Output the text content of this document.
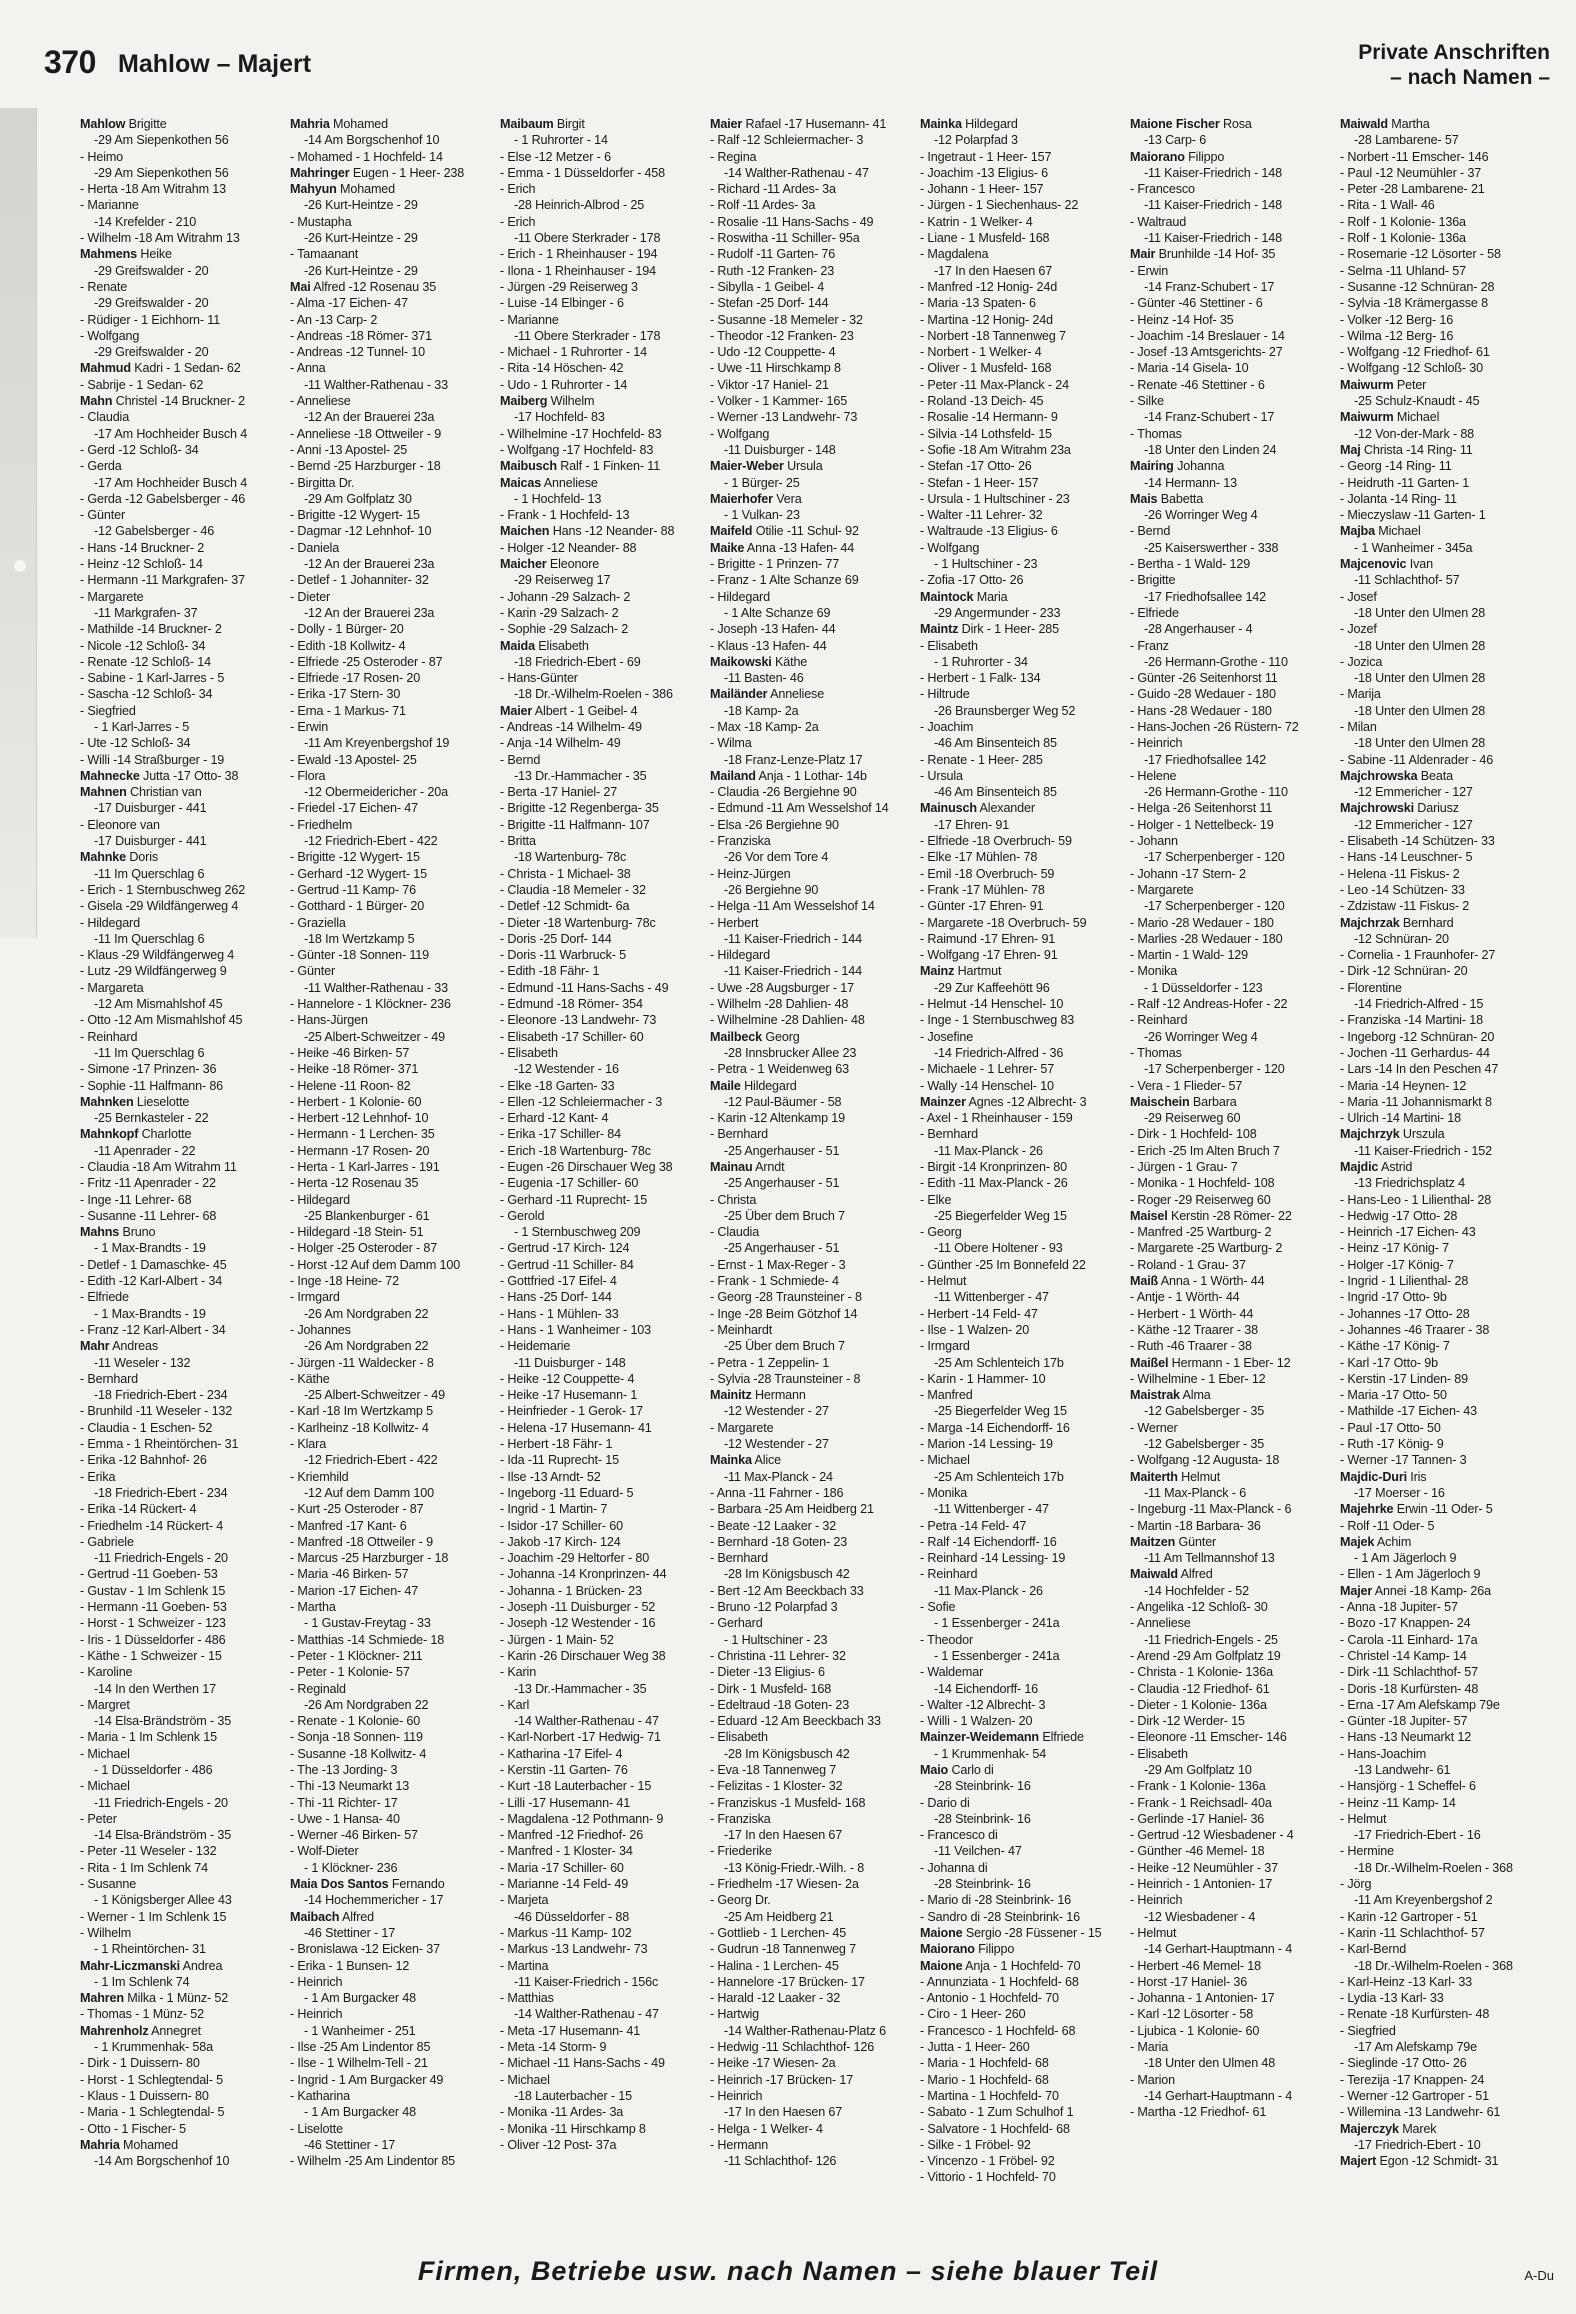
370 Mahlow – Majert	Private Anschriften
– nach Namen –
Mahlow Brigitte
-29 Am Siepenkothen 56
- Heimo
-29 Am Siepenkothen 56
- Herta -18 Am Witrahm 13
- Marianne
-14 Krefelder - 210
- Wilhelm -18 Am Witrahm 13
Mahmens Heike
-29 Greifswalder - 20
- Renate
-29 Greifswalder - 20
- Rüdiger - 1 Eichhorn- 11
- Wolfgang
-29 Greifswalder - 20
Mahmud Kadri - 1 Sedan- 62
- Sabrije - 1 Sedan- 62
Mahn Christel -14 Bruckner- 2
- Claudia
-17 Am Hochheider Busch 4
- Gerd -12 Schloß- 34
- Gerda
-17 Am Hochheider Busch 4
- Gerda -12 Gabelsberger - 46
- Günter
-12 Gabelsberger - 46
- Hans -14 Bruckner- 2
- Heinz -12 Schloß- 14
- Hermann -11 Markgrafen- 37
- Margarete
-11 Markgrafen- 37
- Mathilde -14 Bruckner- 2
- Nicole -12 Schloß- 34
- Renate -12 Schloß- 14
- Sabine - 1 Karl-Jarres - 5
- Sascha -12 Schloß- 34
- Siegfried
- 1 Karl-Jarres - 5
- Ute -12 Schloß- 34
- Willi -14 Straßburger - 19
Mahnecke Jutta -17 Otto- 38
Mahnen Christian van
-17 Duisburger - 441
- Eleonore van
-17 Duisburger - 441
Mahnke Doris
-11 Im Querschlag 6
- Erich - 1 Sternbuschweg 262
- Gisela -29 Wildfängerweg 4
- Hildegard
-11 Im Querschlag 6
- Klaus -29 Wildfängerweg 4
- Lutz -29 Wildfängerweg 9
- Margareta
-12 Am Mismahlshof 45
- Otto -12 Am Mismahlshof 45
- Reinhard
-11 Im Querschlag 6
- Simone -17 Prinzen- 36
- Sophie -11 Halfmann- 86
Mahnken Lieselotte
-25 Bernkasteler - 22
Mahnkopf Charlotte
-11 Apenrader - 22
- Claudia -18 Am Witrahm 11
- Fritz -11 Apenrader - 22
- Inge -11 Lehrer- 68
- Susanne -11 Lehrer- 68
Mahns Bruno
- 1 Max-Brandts - 19
- Detlef - 1 Damaschke- 45
- Edith -12 Karl-Albert - 34
- Elfriede
- 1 Max-Brandts - 19
- Franz -12 Karl-Albert - 34
Mahr Andreas
-11 Weseler - 132
- Bernhard
-18 Friedrich-Ebert - 234
- Brunhild -11 Weseler - 132
- Claudia - 1 Eschen- 52
- Emma - 1 Rheintörchen- 31
- Erika -12 Bahnhof- 26
- Erika
-18 Friedrich-Ebert - 234
- Erika -14 Rückert- 4
- Friedhelm -14 Rückert- 4
- Gabriele
-11 Friedrich-Engels - 20
- Gertrud -11 Goeben- 53
- Gustav - 1 Im Schlenk 15
- Hermann -11 Goeben- 53
- Horst - 1 Schweizer - 123
- Iris - 1 Düsseldorfer - 486
- Käthe - 1 Schweizer - 15
- Karoline
-14 In den Werthen 17
- Margret
-14 Elsa-Brändström - 35
- Maria - 1 Im Schlenk 15
- Michael
- 1 Düsseldorfer - 486
- Michael
-11 Friedrich-Engels - 20
- Peter
-14 Elsa-Brändström - 35
- Peter -11 Weseler - 132
- Rita - 1 Im Schlenk 74
- Susanne
- 1 Königsberger Allee 43
- Werner - 1 Im Schlenk 15
- Wilhelm
- 1 Rheintörchen- 31
Mahr-Liczmanski Andrea
- 1 Im Schlenk 74
Mahren Milka - 1 Münz- 52
- Thomas - 1 Münz- 52
Mahrenholz Annegret
- 1 Krummenhak- 58a
- Dirk - 1 Duissern- 80
- Horst - 1 Schlegtendal- 5
- Klaus - 1 Duissern- 80
- Maria - 1 Schlegtendal- 5
- Otto - 1 Fischer- 5
Mahria Mohamed
-14 Am Borgschenhof 10
Mahria Mohamed
-14 Am Borgschenhof 10
- Mohamed - 1 Hochfeld- 14
Mahringer Eugen - 1 Heer- 238
Mahyun Mohamed
-26 Kurt-Heintze - 29
- Mustapha
-26 Kurt-Heintze - 29
- Tamaanant
-26 Kurt-Heintze - 29
Mai Alfred -12 Rosenau 35
- Alma -17 Eichen- 47
- An -13 Carp- 2
- Andreas -18 Römer- 371
- Andreas -12 Tunnel- 10
- Anna
-11 Walther-Rathenau - 33
- Anneliese
-12 An der Brauerei 23a
- Anneliese -18 Ottweiler - 9
- Anni -13 Apostel- 25
- Bernd -25 Harzburger - 18
- Birgitta Dr.
-29 Am Golfplatz 30
- Brigitte -12 Wygert- 15
- Dagmar -12 Lehnhof- 10
- Daniela
-12 An der Brauerei 23a
- Detlef - 1 Johanniter- 32
- Dieter
-12 An der Brauerei 23a
- Dolly - 1 Bürger- 20
- Edith -18 Kollwitz- 4
- Elfriede -25 Osteroder - 87
- Elfriede -17 Rosen- 20
- Erika -17 Stern- 30
- Erna - 1 Markus- 71
- Erwin
-11 Am Kreyenbergshof 19
- Ewald -13 Apostel- 25
- Flora
-12 Obermeidericher - 20a
- Friedel -17 Eichen- 47
- Friedhelm
-12 Friedrich-Ebert - 422
- Brigitte -12 Wygert- 15
- Gerhard -12 Wygert- 15
- Gertrud -11 Kamp- 76
- Gotthard - 1 Bürger- 20
- Graziella
-18 Im Wertzkamp 5
- Günter -18 Sonnen- 119
- Günter
-11 Walther-Rathenau - 33
- Hannelore - 1 Klöckner- 236
- Hans-Jürgen
-25 Albert-Schweitzer - 49
- Heike -46 Birken- 57
- Heike -18 Römer- 371
- Helene -11 Roon- 82
- Herbert - 1 Kolonie- 60
- Herbert -12 Lehnhof- 10
- Hermann - 1 Lerchen- 35
- Hermann -17 Rosen- 20
- Herta - 1 Karl-Jarres - 191
- Herta -12 Rosenau 35
- Hildegard
-25 Blankenburger - 61
- Hildegard -18 Stein- 51
- Holger -25 Osteroder - 87
- Horst -12 Auf dem Damm 100
- Inge -18 Heine- 72
- Irmgard
-26 Am Nordgraben 22
- Johannes
-26 Am Nordgraben 22
- Jürgen -11 Waldecker - 8
- Käthe
-25 Albert-Schweitzer - 49
- Karl -18 Im Wertzkamp 5
- Karlheinz -18 Kollwitz- 4
- Klara
-12 Friedrich-Ebert - 422
- Kriemhild
-12 Auf dem Damm 100
- Kurt -25 Osteroder - 87
- Manfred -17 Kant- 6
- Manfred -18 Ottweiler - 9
- Marcus -25 Harzburger - 18
- Maria -46 Birken- 57
- Marion -17 Eichen- 47
- Martha
- 1 Gustav-Freytag - 33
- Matthias -14 Schmiede- 18
- Peter - 1 Klöckner- 211
- Peter - 1 Kolonie- 57
- Reginald
-26 Am Nordgraben 22
- Renate - 1 Kolonie- 60
- Sonja -18 Sonnen- 119
- Susanne -18 Kollwitz- 4
- The -13 Jording- 3
- Thi -13 Neumarkt 13
- Thi -11 Richter- 17
- Uwe - 1 Hansa- 40
- Werner -46 Birken- 57
- Wolf-Dieter
- 1 Klöckner- 236
Maia Dos Santos Fernando
-14 Hochemmericher - 17
Maibach Alfred
-46 Stettiner - 17
- Bronislawa -12 Eicken- 37
- Erika - 1 Bunsen- 12
- Heinrich
- 1 Am Burgacker 48
- Heinrich
- 1 Wanheimer - 251
- Ilse -25 Am Lindentor 85
- Ilse - 1 Wilhelm-Tell - 21
- Ingrid - 1 Am Burgacker 49
- Katharina
- 1 Am Burgacker 48
- Liselotte
-46 Stettiner - 17
- Wilhelm -25 Am Lindentor 85
Maibaum Birgit
- 1 Ruhrorter - 14
- Else -12 Metzer - 6
- Emma - 1 Düsseldorfer - 458
- Erich
-28 Heinrich-Albrod - 25
- Erich
-11 Obere Sterkrader - 178
- Erich - 1 Rheinhauser - 194
- Ilona - 1 Rheinhauser - 194
- Jürgen -29 Reiserweg 3
- Luise -14 Elbinger - 6
- Marianne
-11 Obere Sterkrader - 178
- Michael - 1 Ruhrorter - 14
- Rita -14 Höschen- 42
- Udo - 1 Ruhrorter - 14
Maiberg Wilhelm
-17 Hochfeld- 83
- Wilhelmine -17 Hochfeld- 83
- Wolfgang -17 Hochfeld- 83
Maibusch Ralf - 1 Finken- 11
Maicas Anneliese
- 1 Hochfeld- 13
- Frank - 1 Hochfeld- 13
Maichen Hans -12 Neander- 88
- Holger -12 Neander- 88
Maicher Eleonore
-29 Reiserweg 17
- Johann -29 Salzach- 2
- Karin -29 Salzach- 2
- Sophie -29 Salzach- 2
Maida Elisabeth
-18 Friedrich-Ebert - 69
- Hans-Günter
-18 Dr.-Wilhelm-Roelen - 386
Maier Albert - 1 Geibel- 4
- Andreas -14 Wilhelm- 49
- Anja -14 Wilhelm- 49
- Bernd
-13 Dr.-Hammacher - 35
- Berta -17 Haniel- 27
- Brigitte -12 Regenberga- 35
- Brigitte -11 Halfmann- 107
- Britta
-18 Wartenburg- 78c
- Christa - 1 Michael- 38
- Claudia -18 Memeler - 32
- Detlef -12 Schmidt- 6a
- Dieter -18 Wartenburg- 78c
- Doris -25 Dorf- 144
- Doris -11 Warbruck- 5
- Edith -18 Fähr- 1
- Edmund -11 Hans-Sachs - 49
- Edmund -18 Römer- 354
- Eleonore -13 Landwehr- 73
- Elisabeth -17 Schiller- 60
- Elisabeth
-12 Westender - 16
- Elke -18 Garten- 33
- Ellen -12 Schleiermacher - 3
- Erhard -12 Kant- 4
- Erika -17 Schiller- 84
- Erich -18 Wartenburg- 78c
- Eugen -26 Dirschauer Weg 38
- Eugenia -17 Schiller- 60
- Gerhard -11 Ruprecht- 15
- Gerold
- 1 Sternbuschweg 209
- Gertrud -17 Kirch- 124
- Gertrud -11 Schiller- 84
- Gottfried -17 Eifel- 4
- Hans -25 Dorf- 144
- Hans - 1 Mühlen- 33
- Hans - 1 Wanheimer - 103
- Heidemarie
-11 Duisburger - 148
- Heike -12 Couppette- 4
- Heike -17 Husemann- 1
- Heinfrieder - 1 Gerok- 17
- Helena -17 Husemann- 41
- Herbert -18 Fähr- 1
- Ida -11 Ruprecht- 15
- Ilse -13 Arndt- 52
- Ingeborg -11 Eduard- 5
- Ingrid - 1 Martin- 7
- Isidor -17 Schiller- 60
- Jakob -17 Kirch- 124
- Joachim -29 Heltorfer - 80
- Johanna -14 Kronprinzen- 44
- Johanna - 1 Brücken- 23
- Joseph -11 Duisburger - 52
- Joseph -12 Westender - 16
- Jürgen - 1 Main- 52
- Karin -26 Dirschauer Weg 38
- Karin
-13 Dr.-Hammacher - 35
- Karl
-14 Walther-Rathenau - 47
- Karl-Norbert -17 Hedwig- 71
- Katharina -17 Eifel- 4
- Kerstin -11 Garten- 76
- Kurt -18 Lauterbacher - 15
- Lilli -17 Husemann- 41
- Magdalena -12 Pothmann- 9
- Manfred -12 Friedhof- 26
- Manfred - 1 Kloster- 34
- Maria -17 Schiller- 60
- Marianne -14 Feld- 49
- Marjeta
-46 Düsseldorfer - 88
- Markus -11 Kamp- 102
- Markus -13 Landwehr- 73
- Martina
-11 Kaiser-Friedrich - 156c
- Matthias
-14 Walther-Rathenau - 47
- Meta -17 Husemann- 41
- Meta -14 Storm- 9
- Michael -11 Hans-Sachs - 49
- Michael
-18 Lauterbacher - 15
- Monika -11 Ardes- 3a
- Monika -11 Hirschkamp 8
- Oliver -12 Post- 37a
Maier Rafael -17 Husemann- 41
- Ralf -12 Schleiermacher- 3
- Regina
-14 Walther-Rathenau - 47
- Richard -11 Ardes- 3a
- Rolf -11 Ardes- 3a
- Rosalie -11 Hans-Sachs - 49
- Roswitha -11 Schiller- 95a
- Rudolf -11 Garten- 76
- Ruth -12 Franken- 23
- Sibylla - 1 Geibel- 4
- Stefan -25 Dorf- 144
- Susanne -18 Memeler - 32
- Theodor -12 Franken- 23
- Udo -12 Couppette- 4
- Uwe -11 Hirschkamp 8
- Viktor -17 Haniel- 21
- Volker - 1 Kammer- 165
- Werner -13 Landwehr- 73
- Wolfgang
-11 Duisburger - 148
Maier-Weber Ursula
- 1 Bürger- 25
Maierhofer Vera
- 1 Vulkan- 23
Maifeld Otilie -11 Schul- 92
Maike Anna -13 Hafen- 44
- Brigitte - 1 Prinzen- 77
- Franz - 1 Alte Schanze 69
- Hildegard
- 1 Alte Schanze 69
- Joseph -13 Hafen- 44
- Klaus -13 Hafen- 44
Maikowski Käthe
-11 Basten- 46
Mailänder Anneliese
-18 Kamp- 2a
- Max -18 Kamp- 2a
- Wilma
-18 Franz-Lenze-Platz 17
Mailand Anja - 1 Lothar- 14b
- Claudia -26 Bergiehne 90
- Edmund -11 Am Wesselshof 14
- Elsa -26 Bergiehne 90
- Franziska
-26 Vor dem Tore 4
- Heinz-Jürgen
-26 Bergiehne 90
- Helga -11 Am Wesselshof 14
- Herbert
-11 Kaiser-Friedrich - 144
- Hildegard
-11 Kaiser-Friedrich - 144
- Uwe -28 Augsburger - 17
- Wilhelm -28 Dahlien- 48
- Wilhelmine -28 Dahlien- 48
Mailbeck Georg
-28 Innsbrucker Allee 23
- Petra - 1 Weidenweg 63
Maile Hildegard
-12 Paul-Bäumer - 58
- Karin -12 Altenkamp 19
- Bernhard
-25 Angerhauser - 51
Mainau Arndt
-25 Angerhauser - 51
- Christa
-25 Über dem Bruch 7
- Claudia
-25 Angerhauser - 51
- Ernst - 1 Max-Reger - 3
- Frank - 1 Schmiede- 4
- Georg -28 Traunsteiner - 8
- Inge -28 Beim Götzhof 14
- Meinhardt
-25 Über dem Bruch 7
- Petra - 1 Zeppelin- 1
- Sylvia -28 Traunsteiner - 8
Mainitz Hermann
-12 Westender - 27
- Margarete
-12 Westender - 27
Mainka Alice
-11 Max-Planck - 24
- Anna -11 Fahrner - 186
- Barbara -25 Am Heidberg 21
- Beate -12 Laaker - 32
- Bernhard -18 Goten- 23
- Bernhard
-28 Im Königsbusch 42
- Bert -12 Am Beeckbach 33
- Bruno -12 Polarpfad 3
- Gerhard
- 1 Hultschiner - 23
- Christina -11 Lehrer- 32
- Dieter -13 Eligius- 6
- Dirk - 1 Musfeld- 168
- Edeltraud -18 Goten- 23
- Eduard -12 Am Beeckbach 33
- Elisabeth
-28 Im Königsbusch 42
- Eva -18 Tannenweg 7
- Felizitas - 1 Kloster- 32
- Franziskus -1 Musfeld- 168
- Franziska
-17 In den Haesen 67
- Friederike
-13 König-Friedr.-Wilh. - 8
- Friedhelm -17 Wiesen- 2a
- Georg Dr.
-25 Am Heidberg 21
- Gottlieb - 1 Lerchen- 45
- Gudrun -18 Tannenweg 7
- Halina - 1 Lerchen- 45
- Hannelore -17 Brücken- 17
- Harald -12 Laaker - 32
- Hartwig
-14 Walther-Rathenau-Platz 6
- Hedwig -11 Schlachthof- 126
- Heike -17 Wiesen- 2a
- Heinrich -17 Brücken- 17
- Heinrich
-17 In den Haesen 67
- Helga - 1 Welker- 4
- Hermann
-11 Schlachthof- 126
Mainka Hildegard
-12 Polarpfad 3
- Ingetraut - 1 Heer- 157
- Joachim -13 Eligius- 6
- Johann - 1 Heer- 157
- Jürgen - 1 Siechenhaus- 22
- Katrin - 1 Welker- 4
- Liane - 1 Musfeld- 168
- Magdalena
-17 In den Haesen 67
- Manfred -12 Honig- 24d
- Maria -13 Spaten- 6
- Martina -12 Honig- 24d
- Norbert -18 Tannenweg 7
- Norbert - 1 Welker- 4
- Oliver - 1 Musfeld- 168
- Peter -11 Max-Planck - 24
- Roland -13 Deich- 45
- Rosalie -14 Hermann- 9
- Silvia -14 Lothsfeld- 15
- Sofie -18 Am Witrahm 23a
- Stefan -17 Otto- 26
- Stefan - 1 Heer- 157
- Ursula - 1 Hultschiner - 23
- Walter -11 Lehrer- 32
- Waltraude -13 Eligius- 6
- Wolfgang
- 1 Hultschiner - 23
- Zofia -17 Otto- 26
Maintock Maria
-29 Angermunder - 233
Maintz Dirk - 1 Heer- 285
- Elisabeth
- 1 Ruhrorter - 34
- Herbert - 1 Falk- 134
- Hiltrude
-26 Braunsberger Weg 52
- Joachim
-46 Am Binsenteich 85
- Renate - 1 Heer- 285
- Ursula
-46 Am Binsenteich 85
Mainusch Alexander
-17 Ehren- 91
- Elfriede -18 Overbruch- 59
- Elke -17 Mühlen- 78
- Emil -18 Overbruch- 59
- Frank -17 Mühlen- 78
- Günter -17 Ehren- 91
- Margarete -18 Overbruch- 59
- Raimund -17 Ehren- 91
- Wolfgang -17 Ehren- 91
Mainz Hartmut
-29 Zur Kaffeehött 96
- Helmut -14 Henschel- 10
- Inge - 1 Sternbuschweg 83
- Josefine
-14 Friedrich-Alfred - 36
- Michaele - 1 Lehrer- 57
- Wally -14 Henschel- 10
Mainzer Agnes -12 Albrecht- 3
- Axel - 1 Rheinhauser - 159
- Bernhard
-11 Max-Planck - 26
- Birgit -14 Kronprinzen- 80
- Edith -11 Max-Planck - 26
- Elke
-25 Biegerfelder Weg 15
- Georg
-11 Obere Holtener - 93
- Günther -25 Im Bonnefeld 22
- Helmut
-11 Wittenberger - 47
- Herbert -14 Feld- 47
- Ilse - 1 Walzen- 20
- Irmgard
-25 Am Schlenteich 17b
- Karin - 1 Hammer- 10
- Manfred
-25 Biegerfelder Weg 15
- Marga -14 Eichendorff- 16
- Marion -14 Lessing- 19
- Michael
-25 Am Schlenteich 17b
- Monika
-11 Wittenberger - 47
- Petra -14 Feld- 47
- Ralf -14 Eichendorff- 16
- Reinhard -14 Lessing- 19
- Reinhard
-11 Max-Planck - 26
- Sofie
- 1 Essenberger - 241a
- Theodor
- 1 Essenberger - 241a
- Waldemar
-14 Eichendorff- 16
- Walter -12 Albrecht- 3
- Willi - 1 Walzen- 20
Mainzer-Weidemann Elfriede
- 1 Krummenhak- 54
Maio Carlo di
-28 Steinbrink- 16
- Dario di
-28 Steinbrink- 16
- Francesco di
-11 Veilchen- 47
- Johanna di
-28 Steinbrink- 16
- Mario di -28 Steinbrink- 16
- Sandro di -28 Steinbrink- 16
Maione Sergio -28 Füssener - 15
Maiorano Filippo
Maione Anja - 1 Hochfeld- 70
- Annunziata - 1 Hochfeld- 68
- Antonio - 1 Hochfeld- 70
- Ciro - 1 Heer- 260
- Francesco - 1 Hochfeld- 68
- Jutta - 1 Heer- 260
- Maria - 1 Hochfeld- 68
- Mario - 1 Hochfeld- 68
- Martina - 1 Hochfeld- 70
- Sabato - 1 Zum Schulhof 1
- Salvatore - 1 Hochfeld- 68
- Silke - 1 Fröbel- 92
- Vincenzo - 1 Fröbel- 92
- Vittorio - 1 Hochfeld- 70
Maione Fischer Rosa
-13 Carp- 6
Maiorano Filippo
-11 Kaiser-Friedrich - 148
- Francesco
-11 Kaiser-Friedrich - 148
- Waltraud
-11 Kaiser-Friedrich - 148
Mair Brunhilde -14 Hof- 35
- Erwin
-14 Franz-Schubert - 17
- Günter -46 Stettiner - 6
- Heinz -14 Hof- 35
- Joachim -14 Breslauer - 14
- Josef -13 Amtsgerichts- 27
- Maria -14 Gisela- 10
- Renate -46 Stettiner - 6
- Silke
-14 Franz-Schubert - 17
- Thomas
-18 Unter den Linden 24
Mairing Johanna
-14 Hermann- 13
Mais Babetta
-26 Worringer Weg 4
- Bernd
-25 Kaiserswerther - 338
- Bertha - 1 Wald- 129
- Brigitte
-17 Friedhofsallee 142
- Elfriede
-28 Angerhauser - 4
- Franz
-26 Hermann-Grothe - 110
- Günter -26 Seitenhorst 11
- Guido -28 Wedauer - 180
- Hans -28 Wedauer - 180
- Hans-Jochen -26 Rüstern- 72
- Heinrich
-17 Friedhofsallee 142
- Helene
-26 Hermann-Grothe - 110
- Helga -26 Seitenhorst 11
- Holger - 1 Nettelbeck- 19
- Johann
-17 Scherpenberger - 120
- Johann -17 Stern- 2
- Margarete
-17 Scherpenberger - 120
- Mario -28 Wedauer - 180
- Marlies -28 Wedauer - 180
- Martin - 1 Wald- 129
- Monika
- 1 Düsseldorfer - 123
- Ralf -12 Andreas-Hofer - 22
- Reinhard
-26 Worringer Weg 4
- Thomas
-17 Scherpenberger - 120
- Vera - 1 Flieder- 57
Maischein Barbara
-29 Reiserweg 60
- Dirk - 1 Hochfeld- 108
- Erich -25 Im Alten Bruch 7
- Jürgen - 1 Grau- 7
- Monika - 1 Hochfeld- 108
- Roger -29 Reiserweg 60
Maisel Kerstin -28 Römer- 22
- Manfred -25 Wartburg- 2
- Margarete -25 Wartburg- 2
- Roland - 1 Grau- 37
Maiß Anna - 1 Wörth- 44
- Antje - 1 Wörth- 44
- Herbert - 1 Wörth- 44
- Käthe -12 Traarer - 38
- Ruth -46 Traarer - 38
Maißel Hermann - 1 Eber- 12
- Wilhelmine - 1 Eber- 12
Maistrak Alma
-12 Gabelsberger - 35
- Werner
-12 Gabelsberger - 35
- Wolfgang -12 Augusta- 18
Maiterth Helmut
-11 Max-Planck - 6
- Ingeburg -11 Max-Planck - 6
- Martin -18 Barbara- 36
Maitzen Günter
-11 Am Tellmannshof 13
Maiwald Alfred
-14 Hochfelder - 52
- Angelika -12 Schloß- 30
- Anneliese
-11 Friedrich-Engels - 25
- Arend -29 Am Golfplatz 19
- Christa - 1 Kolonie- 136a
- Claudia -12 Friedhof- 61
- Dieter - 1 Kolonie- 136a
- Dirk -12 Werder- 15
- Eleonore -11 Emscher- 146
- Elisabeth
-29 Am Golfplatz 10
- Frank - 1 Kolonie- 136a
- Frank - 1 Reichsadl- 40a
- Gerlinde -17 Haniel- 36
- Gertrud -12 Wiesbadener - 4
- Günther -46 Memel- 18
- Heike -12 Neumühler - 37
- Heinrich - 1 Antonien- 17
- Heinrich
-12 Wiesbadener - 4
- Helmut
-14 Gerhart-Hauptmann - 4
- Herbert -46 Memel- 18
- Horst -17 Haniel- 36
- Johanna - 1 Antonien- 17
- Karl -12 Lösorter - 58
- Ljubica - 1 Kolonie- 60
- Maria
-18 Unter den Ulmen 48
- Marion
-14 Gerhart-Hauptmann - 4
- Martha -12 Friedhof- 61
Maiwald Martha
-28 Lambarene- 57
- Norbert -11 Emscher- 146
- Paul -12 Neumühler - 37
- Peter -28 Lambarene- 21
- Rita - 1 Wall- 46
- Rolf - 1 Kolonie- 136a
- Rolf - 1 Kolonie- 136a
- Rosemarie -12 Lösorter - 58
- Selma -11 Uhland- 57
- Susanne -12 Schnüran- 28
- Sylvia -18 Krämergasse 8
- Volker -12 Berg- 16
- Wilma -12 Berg- 16
- Wolfgang -12 Friedhof- 61
- Wolfgang -12 Schloß- 30
Maiwurm Peter
-25 Schulz-Knaudt - 45
Maiwurm Michael
-12 Von-der-Mark - 88
Maj Christa -14 Ring- 11
- Georg -14 Ring- 11
- Heidruth -11 Garten- 1
- Jolanta -14 Ring- 11
- Mieczyslaw -11 Garten- 1
Majba Michael
- 1 Wanheimer - 345a
Majcenovic Ivan
-11 Schlachthof- 57
- Josef
-18 Unter den Ulmen 28
- Jozef
-18 Unter den Ulmen 28
- Jozica
-18 Unter den Ulmen 28
- Marija
-18 Unter den Ulmen 28
- Milan
-18 Unter den Ulmen 28
- Sabine -11 Aldenrader - 46
Majchrowska Beata
-12 Emmericher - 127
Majchrowski Dariusz
-12 Emmericher - 127
- Elisabeth -14 Schützen- 33
- Hans -14 Leuschner- 5
- Helena -11 Fiskus- 2
- Leo -14 Schützen- 33
- Zdzistaw -11 Fiskus- 2
Majchrzak Bernhard
-12 Schnüran- 20
- Cornelia - 1 Fraunhofer- 27
- Dirk -12 Schnüran- 20
- Florentine
-14 Friedrich-Alfred - 15
- Franziska -14 Martini- 18
- Ingeborg -12 Schnüran- 20
- Jochen -11 Gerhardus- 44
- Lars -14 In den Peschen 47
- Maria -14 Heynen- 12
- Maria -11 Johannismarkt 8
- Ulrich -14 Martini- 18
Majchrzyk Urszula
-11 Kaiser-Friedrich - 152
Majdic Astrid
-13 Friedrichsplatz 4
- Hans-Leo - 1 Lilienthal- 28
- Hedwig -17 Otto- 28
- Heinrich -17 Eichen- 43
- Heinz -17 König- 7
- Holger -17 König- 7
- Ingrid - 1 Lilienthal- 28
- Ingrid -17 Otto- 9b
- Johannes -17 Otto- 28
- Johannes -46 Traarer - 38
- Käthe -17 König- 7
- Karl -17 Otto- 9b
- Kerstin -17 Linden- 89
- Maria -17 Otto- 50
- Mathilde -17 Eichen- 43
- Paul -17 Otto- 50
- Ruth -17 König- 9
- Werner -17 Tannen- 3
Majdic-Duri Iris
-17 Moerser - 16
Majehrke Erwin -11 Oder- 5
- Rolf -11 Oder- 5
Majek Achim
- 1 Am Jägerloch 9
- Ellen - 1 Am Jägerloch 9
Majer Annei -18 Kamp- 26a
- Anna -18 Jupiter- 57
- Bozo -17 Knappen- 24
- Carola -11 Einhard- 17a
- Christel -14 Kamp- 14
- Dirk -11 Schlachthof- 57
- Doris -18 Kurfürsten- 48
- Erna -17 Am Alefskamp 79e
- Günter -18 Jupiter- 57
- Hans -13 Neumarkt 12
- Hans-Joachim
-13 Landwehr- 61
- Hansjörg - 1 Scheffel- 6
- Heinz -11 Kamp- 14
- Helmut
-17 Friedrich-Ebert - 16
- Hermine
-18 Dr.-Wilhelm-Roelen - 368
- Jörg
-11 Am Kreyenbergshof 2
- Karin -12 Gartroper - 51
- Karin -11 Schlachthof- 57
- Karl-Bernd
-18 Dr.-Wilhelm-Roelen - 368
- Karl-Heinz -13 Karl- 33
- Lydia -13 Karl- 33
- Renate -18 Kurfürsten- 48
- Siegfried
-17 Am Alefskamp 79e
- Sieglinde -17 Otto- 26
- Terezija -17 Knappen- 24
- Werner -12 Gartroper - 51
- Willemina -13 Landwehr- 61
Majerczyk Marek
-17 Friedrich-Ebert - 10
Majert Egon -12 Schmidt- 31
Firmen, Betriebe usw. nach Namen – siehe blauer Teil	A-Du
